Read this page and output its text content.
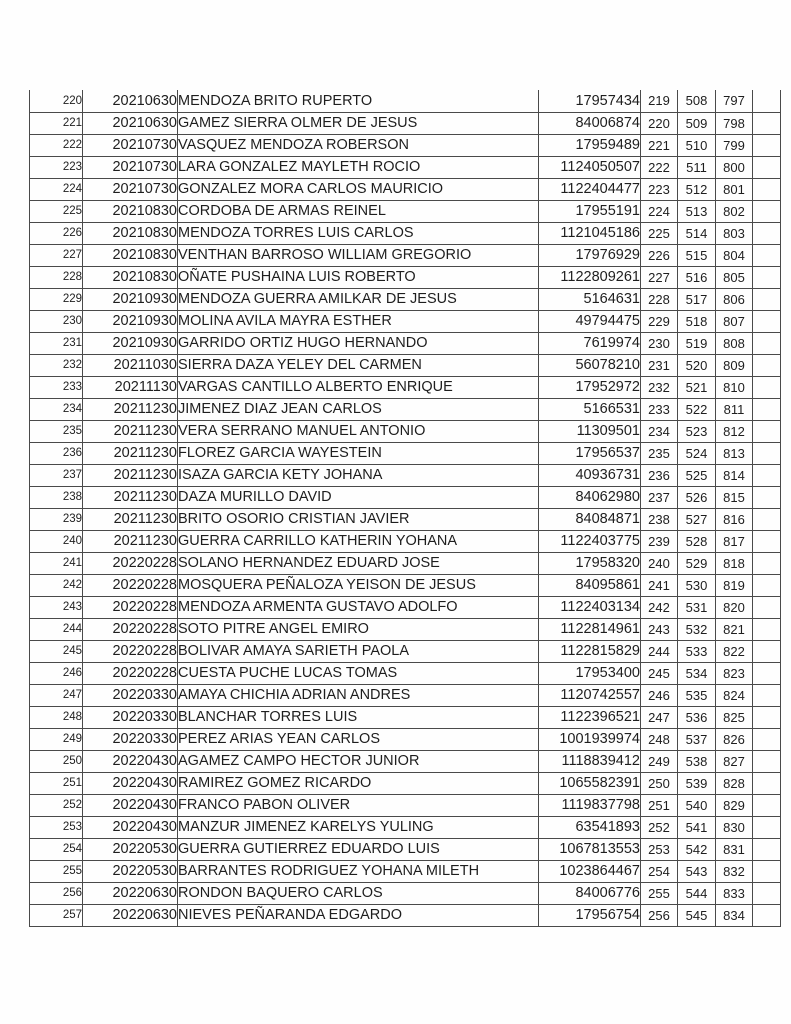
220	20210630	MENDOZA BRITO RUPERTO	17957434	219	508	797	
221	20210630	GAMEZ SIERRA OLMER DE JESUS	84006874	220	509	798	
222	20210730	VASQUEZ MENDOZA ROBERSON	17959489	221	510	799	
223	20210730	LARA GONZALEZ MAYLETH ROCIO	1124050507	222	511	800	
224	20210730	GONZALEZ MORA CARLOS MAURICIO	1122404477	223	512	801	
225	20210830	CORDOBA DE ARMAS REINEL	17955191	224	513	802	
226	20210830	MENDOZA TORRES LUIS CARLOS	1121045186	225	514	803	
227	20210830	VENTHAN BARROSO WILLIAM GREGORIO	17976929	226	515	804	
228	20210830	OÑATE PUSHAINA LUIS ROBERTO	1122809261	227	516	805	
229	20210930	MENDOZA GUERRA AMILKAR DE JESUS	5164631	228	517	806	
230	20210930	MOLINA AVILA MAYRA ESTHER	49794475	229	518	807	
231	20210930	GARRIDO ORTIZ HUGO HERNANDO	7619974	230	519	808	
232	20211030	SIERRA DAZA YELEY DEL CARMEN	56078210	231	520	809	
233	20211130	VARGAS CANTILLO ALBERTO ENRIQUE	17952972	232	521	810	
234	20211230	JIMENEZ DIAZ JEAN CARLOS	5166531	233	522	811	
235	20211230	VERA SERRANO MANUEL ANTONIO	11309501	234	523	812	
236	20211230	FLOREZ GARCIA WAYESTEIN	17956537	235	524	813	
237	20211230	ISAZA GARCIA KETY JOHANA	40936731	236	525	814	
238	20211230	DAZA MURILLO DAVID	84062980	237	526	815	
239	20211230	BRITO OSORIO CRISTIAN JAVIER	84084871	238	527	816	
240	20211230	GUERRA CARRILLO KATHERIN YOHANA	1122403775	239	528	817	
241	20220228	SOLANO HERNANDEZ EDUARD JOSE	17958320	240	529	818	
242	20220228	MOSQUERA PEÑALOZA YEISON DE JESUS	84095861	241	530	819	
243	20220228	MENDOZA ARMENTA GUSTAVO ADOLFO	1122403134	242	531	820	
244	20220228	SOTO PITRE ANGEL EMIRO	1122814961	243	532	821	
245	20220228	BOLIVAR AMAYA SARIETH PAOLA	1122815829	244	533	822	
246	20220228	CUESTA PUCHE LUCAS TOMAS	17953400	245	534	823	
247	20220330	AMAYA CHICHIA ADRIAN ANDRES	1120742557	246	535	824	
248	20220330	BLANCHAR TORRES LUIS	1122396521	247	536	825	
249	20220330	PEREZ ARIAS YEAN CARLOS	1001939974	248	537	826	
250	20220430	AGAMEZ CAMPO HECTOR JUNIOR	1118839412	249	538	827	
251	20220430	RAMIREZ GOMEZ RICARDO	1065582391	250	539	828	
252	20220430	FRANCO PABON OLIVER	1119837798	251	540	829	
253	20220430	MANZUR JIMENEZ KARELYS YULING	63541893	252	541	830	
254	20220530	GUERRA GUTIERREZ EDUARDO LUIS	1067813553	253	542	831	
255	20220530	BARRANTES RODRIGUEZ YOHANA MILETH	1023864467	254	543	832	
256	20220630	RONDON BAQUERO CARLOS	84006776	255	544	833	
257	20220630	NIEVES PEÑARANDA EDGARDO	17956754	256	545	834	
